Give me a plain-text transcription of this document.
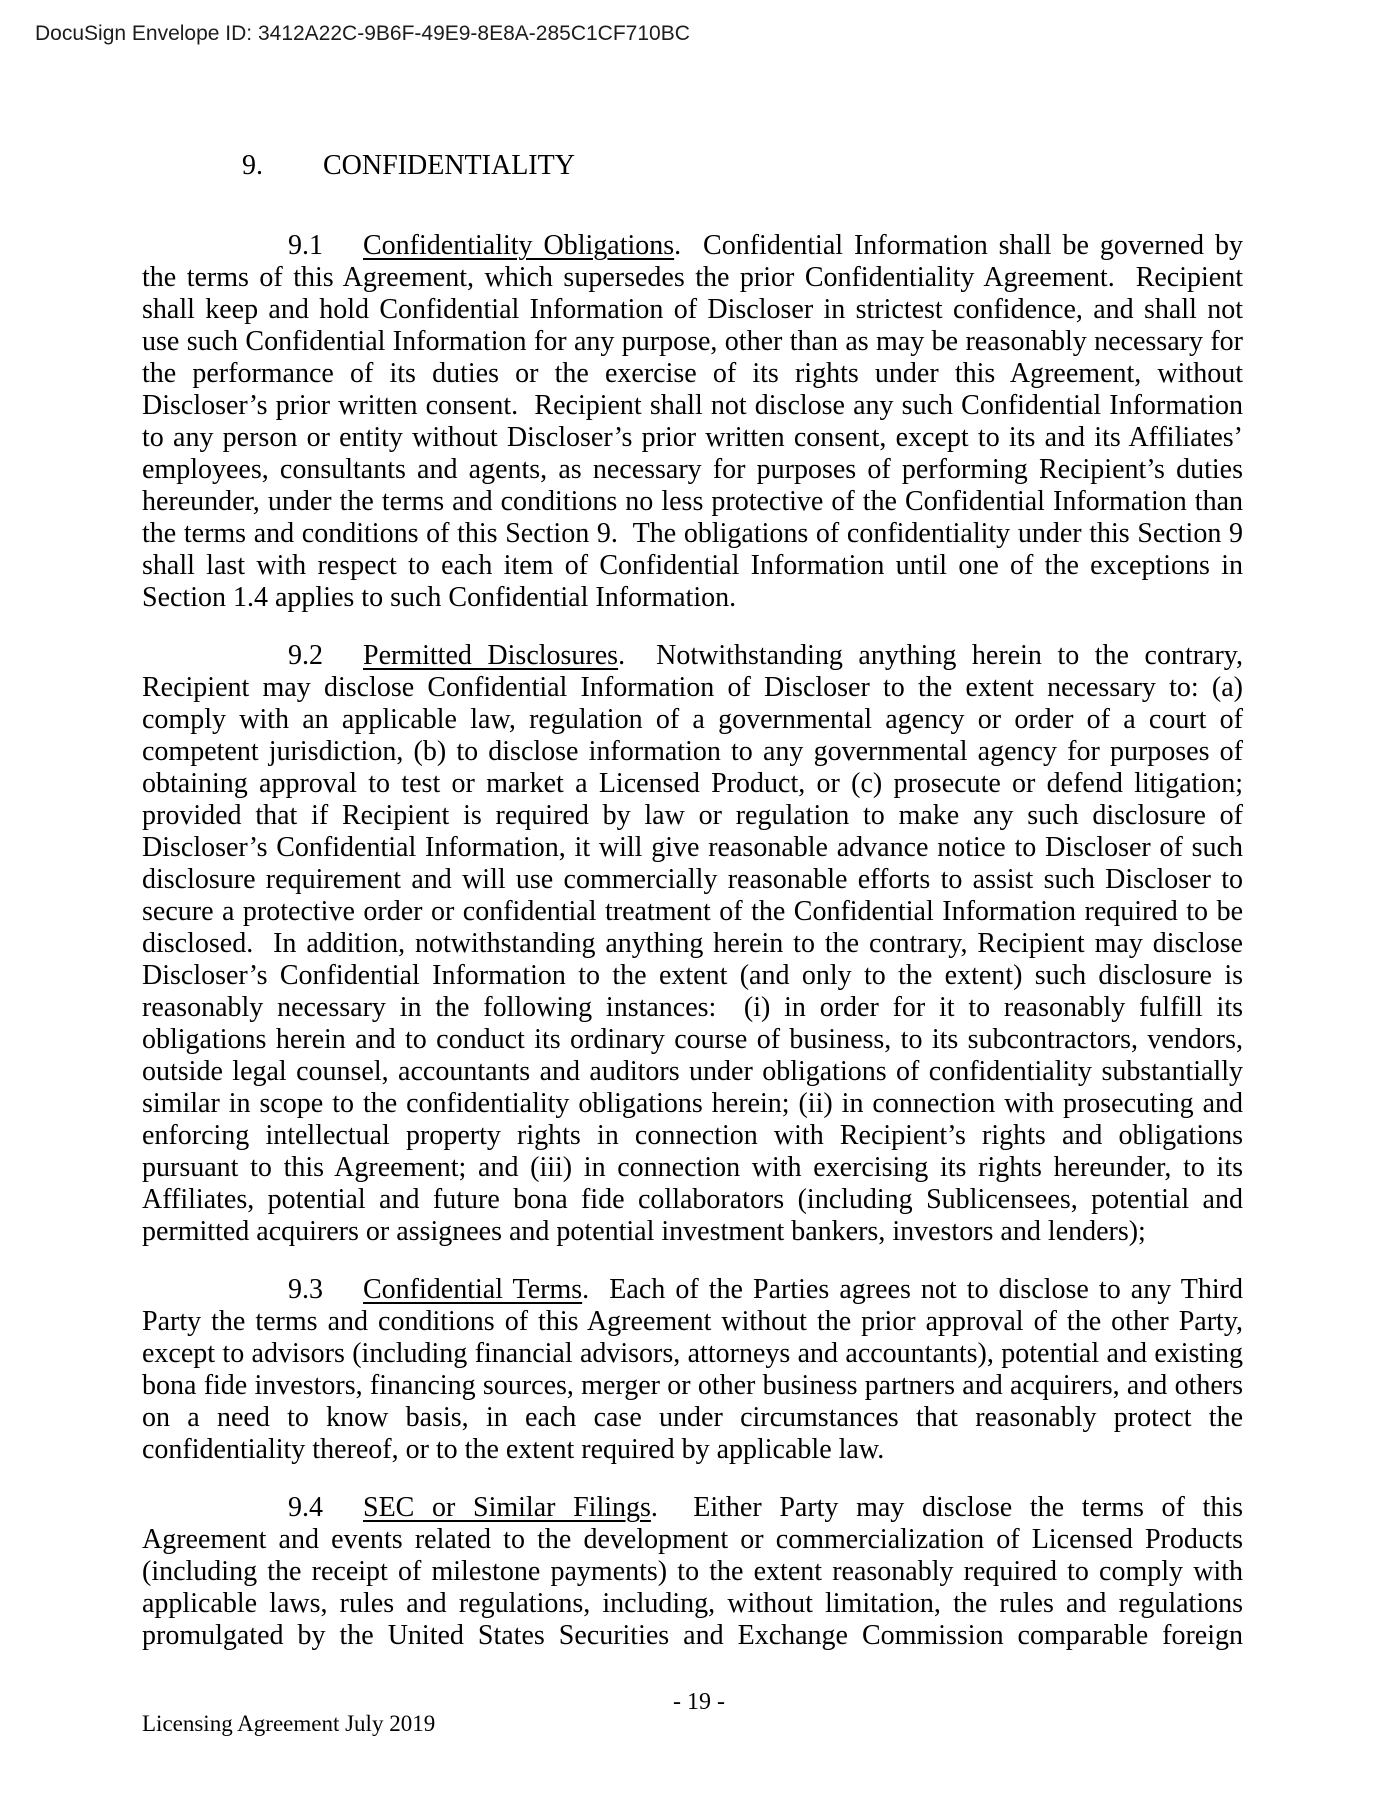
DocuSign Envelope ID: 3412A22C-9B6F-49E9-8E8A-285C1CF710BC
9. CONFIDENTIALITY

9.1 Confidentiality Obligations.  Confidential Information shall be governed by the terms of this Agreement, which supersedes the prior Confidentiality Agreement.  Recipient shall keep and hold Confidential Information of Discloser in strictest confidence, and shall not use such Confidential Information for any purpose, other than as may be reasonably necessary for the performance of its duties or the exercise of its rights under this Agreement, without Discloser’s prior written consent.  Recipient shall not disclose any such Confidential Information to any person or entity without Discloser’s prior written consent, except to its and its Affiliates’ employees, consultants and agents, as necessary for purposes of performing Recipient’s duties hereunder, under the terms and conditions no less protective of the Confidential Information than the terms and conditions of this Section 9.  The obligations of confidentiality under this Section 9 shall last with respect to each item of Confidential Information until one of the exceptions in Section 1.4 applies to such Confidential Information.

9.2 Permitted Disclosures.  Notwithstanding anything herein to the contrary, Recipient may disclose Confidential Information of Discloser to the extent necessary to: (a) comply with an applicable law, regulation of a governmental agency or order of a court of competent jurisdiction, (b) to disclose information to any governmental agency for purposes of obtaining approval to test or market a Licensed Product, or (c) prosecute or defend litigation; provided that if Recipient is required by law or regulation to make any such disclosure of Discloser’s Confidential Information, it will give reasonable advance notice to Discloser of such disclosure requirement and will use commercially reasonable efforts to assist such Discloser to secure a protective order or confidential treatment of the Confidential Information required to be disclosed.  In addition, notwithstanding anything herein to the contrary, Recipient may disclose Discloser’s Confidential Information to the extent (and only to the extent) such disclosure is reasonably necessary in the following instances:  (i) in order for it to reasonably fulfill its obligations herein and to conduct its ordinary course of business, to its subcontractors, vendors, outside legal counsel, accountants and auditors under obligations of confidentiality substantially similar in scope to the confidentiality obligations herein; (ii) in connection with prosecuting and enforcing intellectual property rights in connection with Recipient’s rights and obligations pursuant to this Agreement; and (iii) in connection with exercising its rights hereunder, to its Affiliates, potential and future bona fide collaborators (including Sublicensees, potential and permitted acquirers or assignees and potential investment bankers, investors and lenders);

9.3 Confidential Terms.  Each of the Parties agrees not to disclose to any Third Party the terms and conditions of this Agreement without the prior approval of the other Party, except to advisors (including financial advisors, attorneys and accountants), potential and existing bona fide investors, financing sources, merger or other business partners and acquirers, and others on a need to know basis, in each case under circumstances that reasonably protect the confidentiality thereof, or to the extent required by applicable law.

9.4 SEC or Similar Filings.  Either Party may disclose the terms of this Agreement and events related to the development or commercialization of Licensed Products (including the receipt of milestone payments) to the extent reasonably required to comply with applicable laws, rules and regulations, including, without limitation, the rules and regulations promulgated by the United States Securities and Exchange Commission comparable foreign

- 19 -
Licensing Agreement July 2019
